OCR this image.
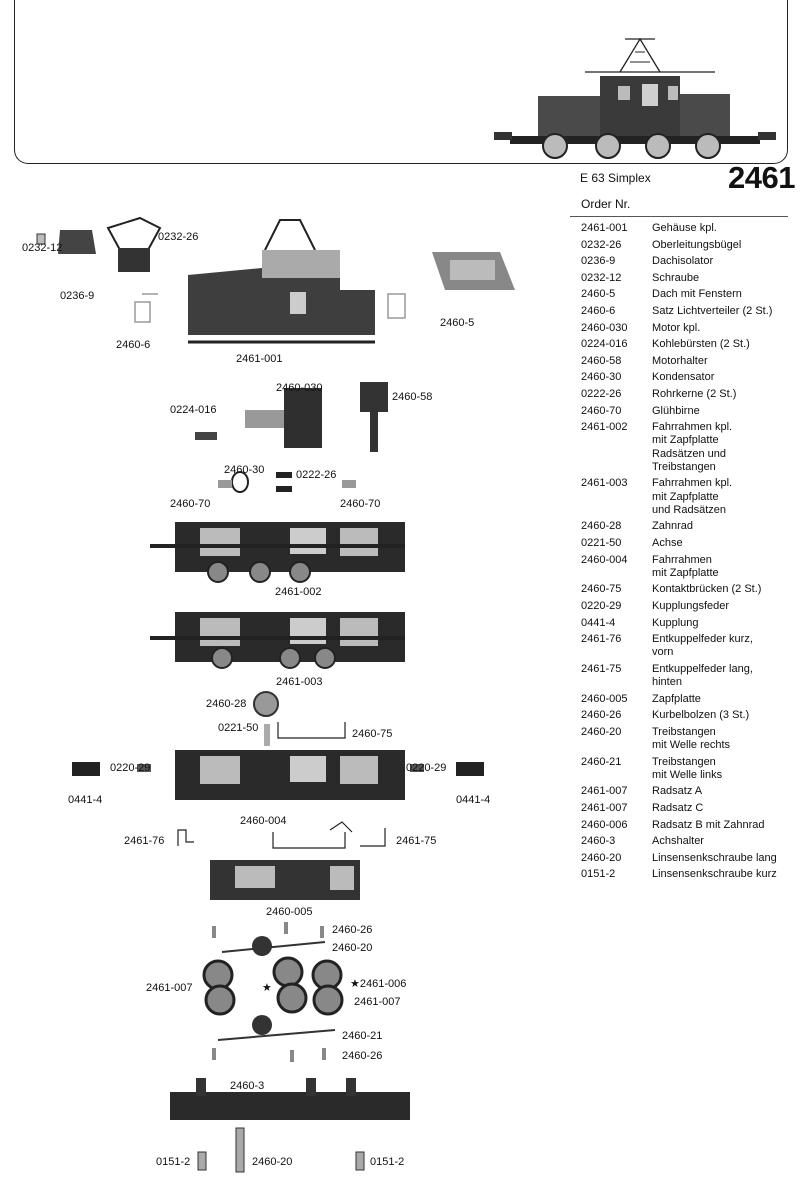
E 63 Simplex 2461
Order Nr.
2461-001	Gehäuse kpl.
0232-26	Oberleitungsbügel
0236-9	Dachisolator
0232-12	Schraube
2460-5	Dach mit Fenstern
2460-6	Satz Lichtverteiler (2 St.)
2460-030	Motor kpl.
0224-016	Kohlebürsten (2 St.)
2460-58	Motorhalter
2460-30	Kondensator
0222-26	Rohrkerne (2 St.)
2460-70	Glühbirne
2461-002	Fahrrahmen kpl.
mit Zapfplatte
Radsätzen und
Treibstangen
2461-003	Fahrrahmen kpl.
mit Zapfplatte
und Radsätzen
2460-28	Zahnrad
0221-50	Achse
2460-004	Fahrrahmen
mit Zapfplatte
2460-75	Kontaktbrücken (2 St.)
0220-29	Kupplungsfeder
0441-4	Kupplung
2461-76	Entkuppelfeder kurz,
vorn
2461-75	Entkuppelfeder lang,
hinten
2460-005	Zapfplatte
2460-26	Kurbelbolzen (3 St.)
2460-20	Treibstangen
mit Welle rechts
2460-21	Treibstangen
mit Welle links
2461-007	Radsatz A
2461-007	Radsatz C
2460-006	Radsatz B mit Zahnrad
2460-3	Achshalter
2460-20	Linsensenkschraube lang
0151-2	Linsensenkschraube kurz
0232-12
0232-26
0236-9
2460-6
2461-001
2460-5
2460-030
2460-58
0224-016
2460-30	0222-26
2460-70	2460-70
2461-002
2461-003
2460-28
0221-50	2460-75
0220-29	0220-29
0441-4	0441-4
2460-004
2461-76	2461-75
2460-005
2460-26
2460-20
2461-007	★	★2461-006
2461-007
2460-21
2460-26
2460-3
0151-2	2460-20	0151-2
